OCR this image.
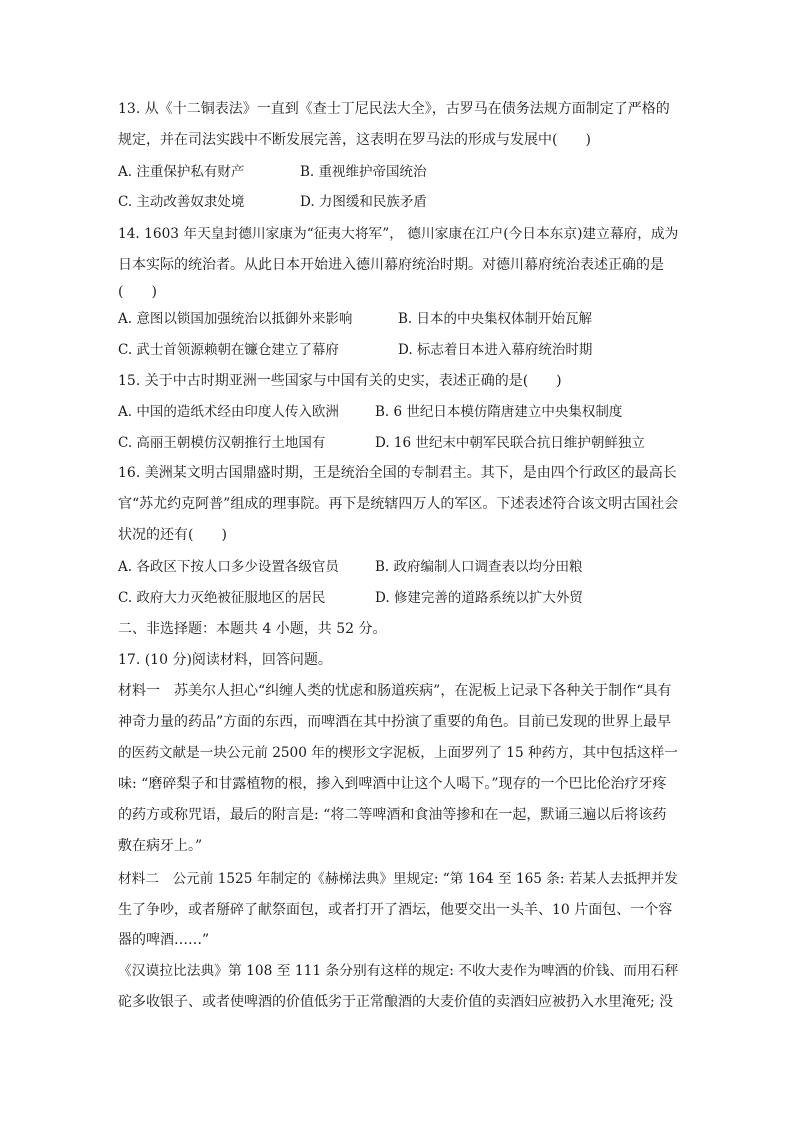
13. 从《十二铜表法》一直到《查士丁尼民法大全》，古罗马在债务法规方面制定了严格的
规定，并在司法实践中不断发展完善，这表明在罗马法的形成与发展中(　　)
A. 注重保护私有财产	B. 重视维护帝国统治
C. 主动改善奴隶处境	D. 力图缓和民族矛盾
14. 1603 年天皇封德川家康为“征夷大将军”， 德川家康在江户(今日本东京)建立幕府，成为
日本实际的统治者。从此日本开始进入德川幕府统治时期。对德川幕府统治表述正确的是
(　　)
A. 意图以锁国加强统治以抵御外来影响	B. 日本的中央集权体制开始瓦解
C. 武士首领源赖朝在镰仓建立了幕府	D. 标志着日本进入幕府统治时期
15. 关于中古时期亚洲一些国家与中国有关的史实，表述正确的是(　　)
A. 中国的造纸术经由印度人传入欧洲	B. 6 世纪日本模仿隋唐建立中央集权制度
C. 高丽王朝模仿汉朝推行土地国有	D. 16 世纪末中朝军民联合抗日维护朝鲜独立
16. 美洲某文明古国鼎盛时期，王是统治全国的专制君主。其下，是由四个行政区的最高长
官“苏尤约克阿普”组成的理事院。再下是统辖四万人的军区。下述表述符合该文明古国社会
状况的还有(　　)
A. 各政区下按人口多少设置各级官员	B. 政府编制人口调查表以均分田粮
C. 政府大力灭绝被征服地区的居民	D. 修建完善的道路系统以扩大外贸
二、非选择题：本题共 4 小题，共 52 分。
17. (10 分)阅读材料，回答问题。
材料一　苏美尔人担心“纠缠人类的忧虑和肠道疾病”，在泥板上记录下各种关于制作“具有
神奇力量的药品”方面的东西，而啤酒在其中扮演了重要的角色。目前已发现的世界上最早
的医药文献是一块公元前 2500 年的楔形文字泥板，上面罗列了 15 种药方，其中包括这样一
味: “磨碎梨子和甘露植物的根，掺入到啤酒中让这个人喝下。”现存的一个巴比伦治疗牙疼
的药方或称咒语，最后的附言是: “将二等啤酒和食油等掺和在一起，默诵三遍以后将该药
敷在病牙上。”
材料二　公元前 1525 年制定的《赫梯法典》里规定: “第 164 至 165 条: 若某人去抵押并发
生了争吵，或者掰碎了献祭面包，或者打开了酒坛，他要交出一头羊、10 片面包、一个容
器的啤酒……”
《汉谟拉比法典》第 108 至 111 条分别有这样的规定: 不收大麦作为啤酒的价钱、而用石秤
砣多收银子、或者使啤酒的价值低劣于正常酿酒的大麦价值的卖酒妇应被扔入水里淹死; 没
